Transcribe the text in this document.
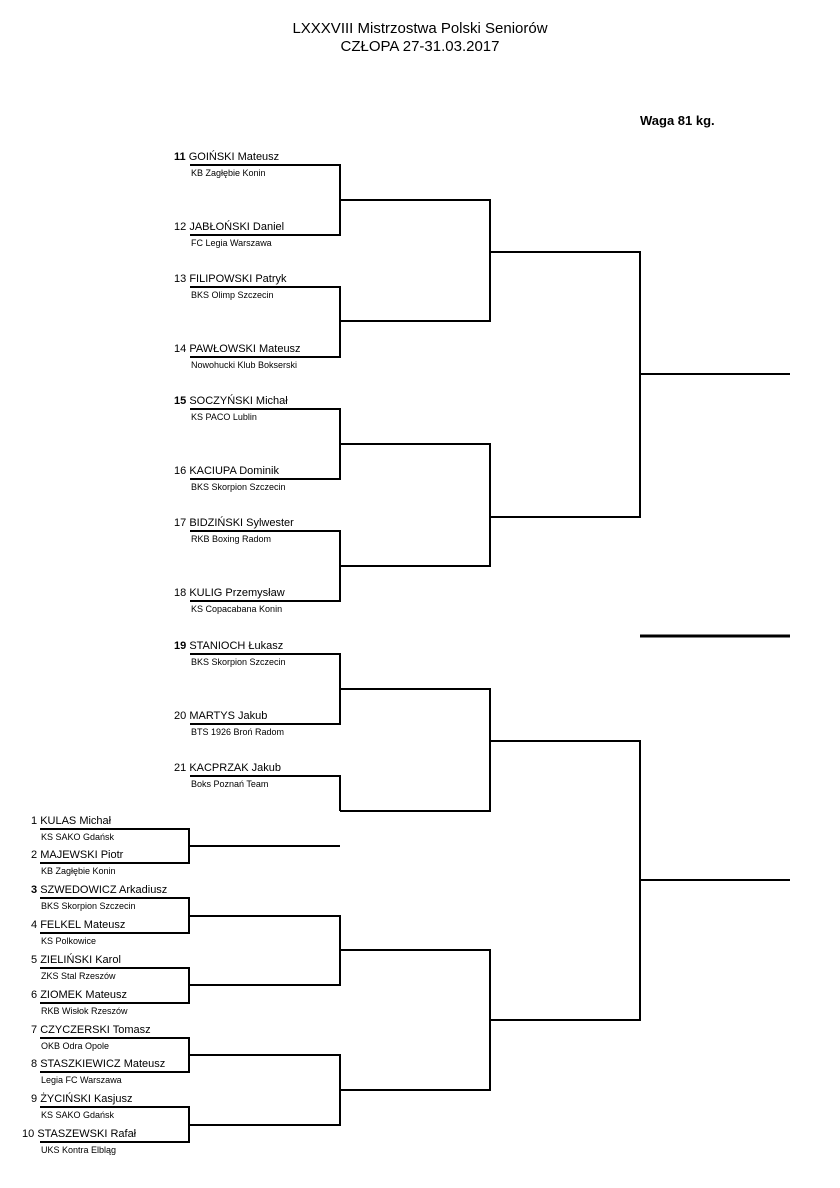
LXXXVIII Mistrzostwa Polski Seniorów
CZŁOPA 27-31.03.2017
Waga 81 kg.
11 GOIŃSKI Mateusz
KB Zagłębie Konin
12 JABŁOŃSKI Daniel
FC Legia Warszawa
13 FILIPOWSKI Patryk
BKS Olimp Szczecin
14 PAWŁOWSKI Mateusz
Nowohucki Klub Bokserski
15 SOCZYŃSKI Michał
KS PACO Lublin
16 KACIUPA Dominik
BKS Skorpion Szczecin
17 BIDZIŃSKI Sylwester
RKB Boxing Radom
18 KULIG Przemysław
KS Copacabana Konin
19 STANIOCH Łukasz
BKS Skorpion Szczecin
20 MARTYS Jakub
BTS 1926 Broń Radom
21 KACPRZAK Jakub
Boks Poznań Team
1 KULAS Michał
KS SAKO Gdańsk
2 MAJEWSKI Piotr
KB Zagłębie Konin
3 SZWEDOWICZ Arkadiusz
BKS Skorpion Szczecin
4 FELKEL Mateusz
KS Polkowice
5 ZIELIŃSKI Karol
ZKS Stal Rzeszów
6 ZIOMEK Mateusz
RKB Wisłok Rzeszów
7 CZYCZERSKI Tomasz
OKB Odra Opole
8 STASZKIEWICZ Mateusz
Legia FC Warszawa
9 ŻYCIŃSKI Kasjusz
KS SAKO Gdańsk
10 STASZEWSKI Rafał
UKS Kontra Elbląg
